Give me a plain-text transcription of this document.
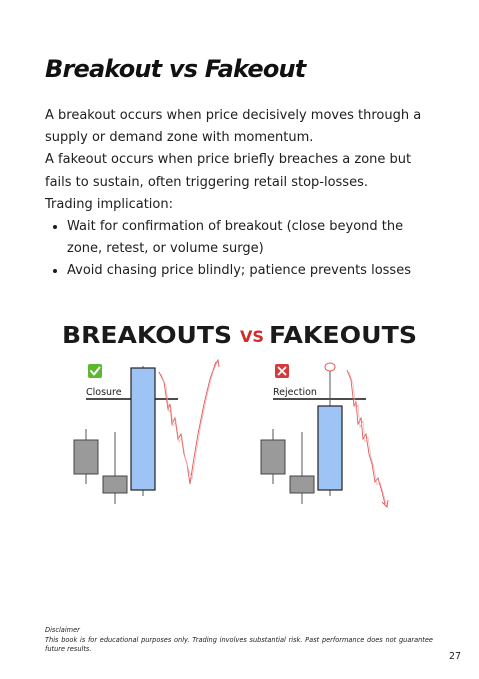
Breakout vs Fakeout

A breakout occurs when price decisively moves through a supply or demand zone with momentum.

A fakeout occurs when price briefly breaches a zone but fails to sustain, often triggering retail stop-losses.

Trading implication:

• Wait for confirmation of breakout (close beyond the zone, retest, or volume surge)
• Avoid chasing price blindly; patience prevents losses
BREAKOUTS VS FAKEOUTS
Closure	Rejection
Disclaimer
This book is for educational purposes only. Trading involves substantial risk. Past performance does not guarantee future results.
27
